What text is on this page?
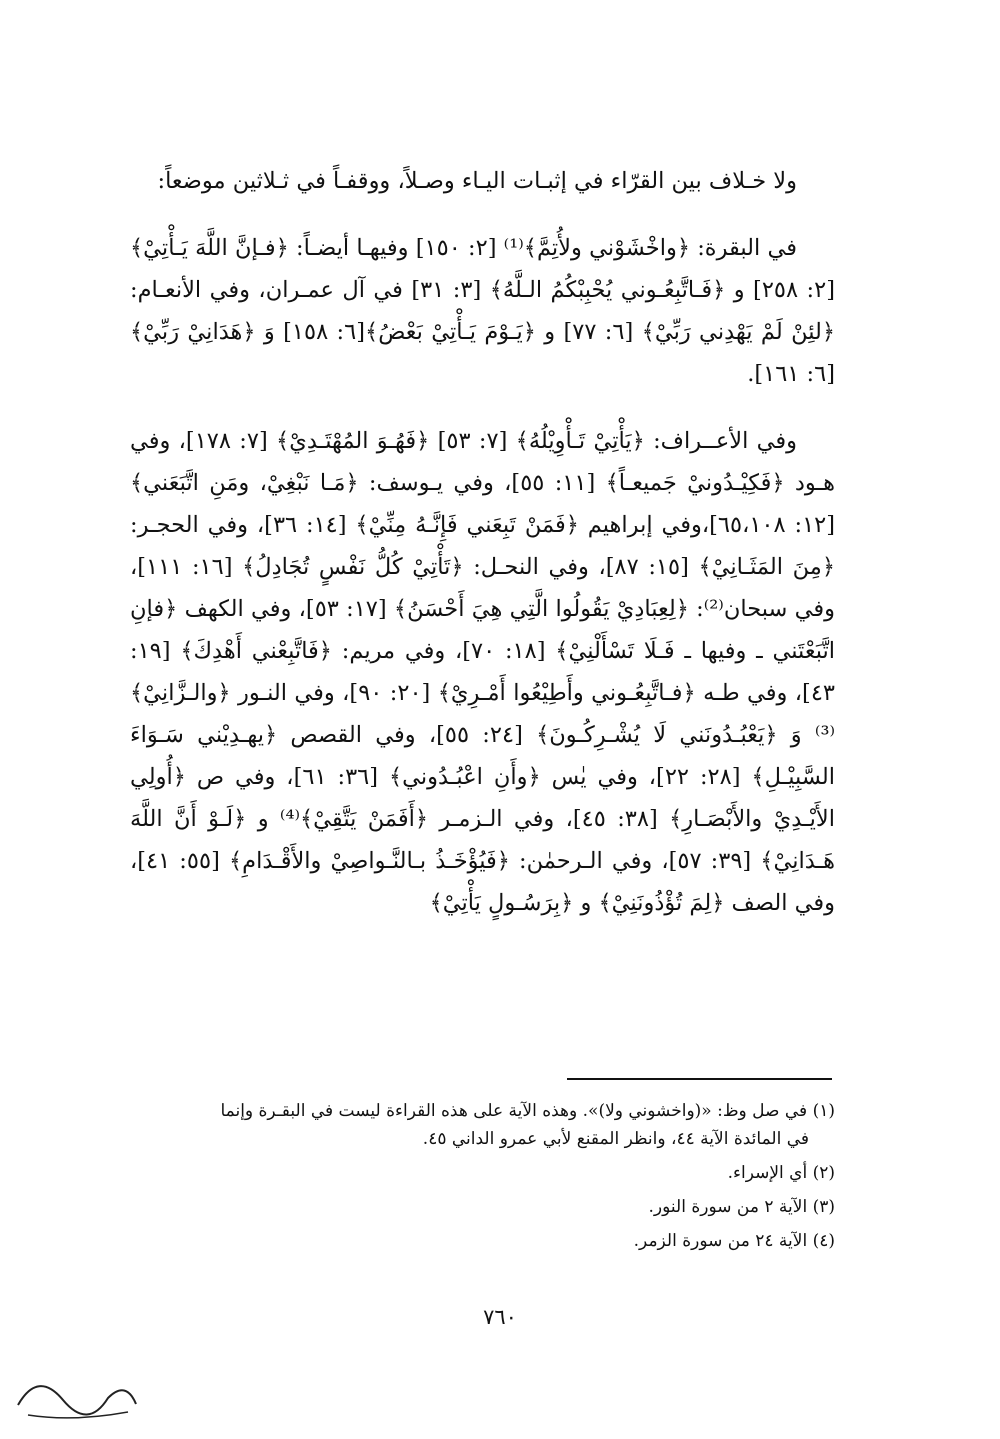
ولا خـلاف بين القرّاء في إثبـات اليـاء وصـلاً، ووقفـاً في ثـلاثين موضعاً:

في البقرة: ﴿واخْشَوْني ولأُتِمَّ﴾⁽¹⁾ [٢: ١٥٠] وفيهـا أيضـاً: ﴿فـإنَّ اللَّهَ يَـأْتِيْ﴾ [٢: ٢٥٨] و ﴿فَـاتَّبِعُـوني يُحْبِبْكُمُ الـلَّهُ﴾ [٣: ٣١] في آل عمـران، وفي الأنعـام: ﴿لئِنْ لَمْ يَهْدِني رَبِّيْ﴾ [٦: ٧٧] و ﴿يَـوْمَ يَـأْتِيْ بَعْضُ﴾[٦: ١٥٨] وَ ﴿هَدَانِيْ رَبِّيْ﴾ [٦: ١٦١].

وفي الأعــراف: ﴿يَأْتِيْ تَـأْوِيْلُهُ﴾ [٧: ٥٣] ﴿فَهُـوَ المُهْتَـدِيْ﴾ [٧: ١٧٨]، وفي هـود ﴿فَكِيْـدُونيْ جَميعـاً﴾ [١١: ٥٥]، وفي يـوسف: ﴿مَـا نَبْغِيْ، ومَنِ اتَّبَعَني﴾[١٢: ٦٥،١٠٨]،وفي إبراهيم ﴿فَمَنْ تَبِعَني فَإِنَّـهُ مِنِّيْ﴾ [١٤: ٣٦]، وفي الحجـر: ﴿مِنَ المَثَـانِيْ﴾ [١٥: ٨٧]، وفي النحـل: ﴿تَأْتِيْ كُلُّ نَفْسٍ تُجَادِلُ﴾ [١٦: ١١١]، وفي سبحان⁽²⁾: ﴿لِعِبَادِيْ يَقُولُوا الَّتِي هِيَ أَحْسَنُ﴾ [١٧: ٥٣]، وفي الكهف ﴿فإنِ اتَّبَعْتَني ـ وفيها ـ فَـلَا تَسْأَلْنِيْ﴾ [١٨: ٧٠]، وفي مريم: ﴿فَاتَّبِعْني أَهْدِكَ﴾ [١٩: ٤٣]، وفي طـه ﴿فـاتَّبِعُـوني وأَطِيْعُوا أَمْـرِيْ﴾ [٢٠: ٩٠]، وفي النـور ﴿والـزَّانِيْ﴾⁽³⁾ وَ ﴿يَعْبُـدُونَني لَا يُشْـرِكُـونَ﴾ [٢٤: ٥٥]، وفي القصص ﴿يهـدِيْني سَـوَاءَ السَّبِيْـلِ﴾ [٢٨: ٢٢]، وفي يٰس ﴿وأَنِ اعْبُـدُوني﴾ [٣٦: ٦١]، وفي ص ﴿أُولِي الأَيْـدِيْ والأَبْصَـارِ﴾ [٣٨: ٤٥]، وفي الـزمـر ﴿أَفَمَنْ يَتَّقِيْ﴾⁽⁴⁾ و ﴿لَـوْ أَنَّ اللَّهَ هَـدَانِيْ﴾ [٣٩: ٥٧]، وفي الـرحمٰن: ﴿فَيُؤْخَـذُ بـالنَّـواصِيْ والأَقْـدَامِ﴾ [٥٥: ٤١]، وفي الصف ﴿لِمَ تُؤْذُونَنِيْ﴾ و ﴿بِرَسُـولٍ يَأْتِيْ﴾

(١) في صل وظ: «(واخشوني ولا)». وهذه الآية على هذه القراءة ليست في البقـرة وإنما

في المائدة الآية ٤٤، وانظر المقنع لأبي عمرو الداني ٤٥.

(٢) أي الإسراء.

(٣) الآية ٢ من سورة النور.

(٤) الآية ٢٤ من سورة الزمر.

٧٦٠
